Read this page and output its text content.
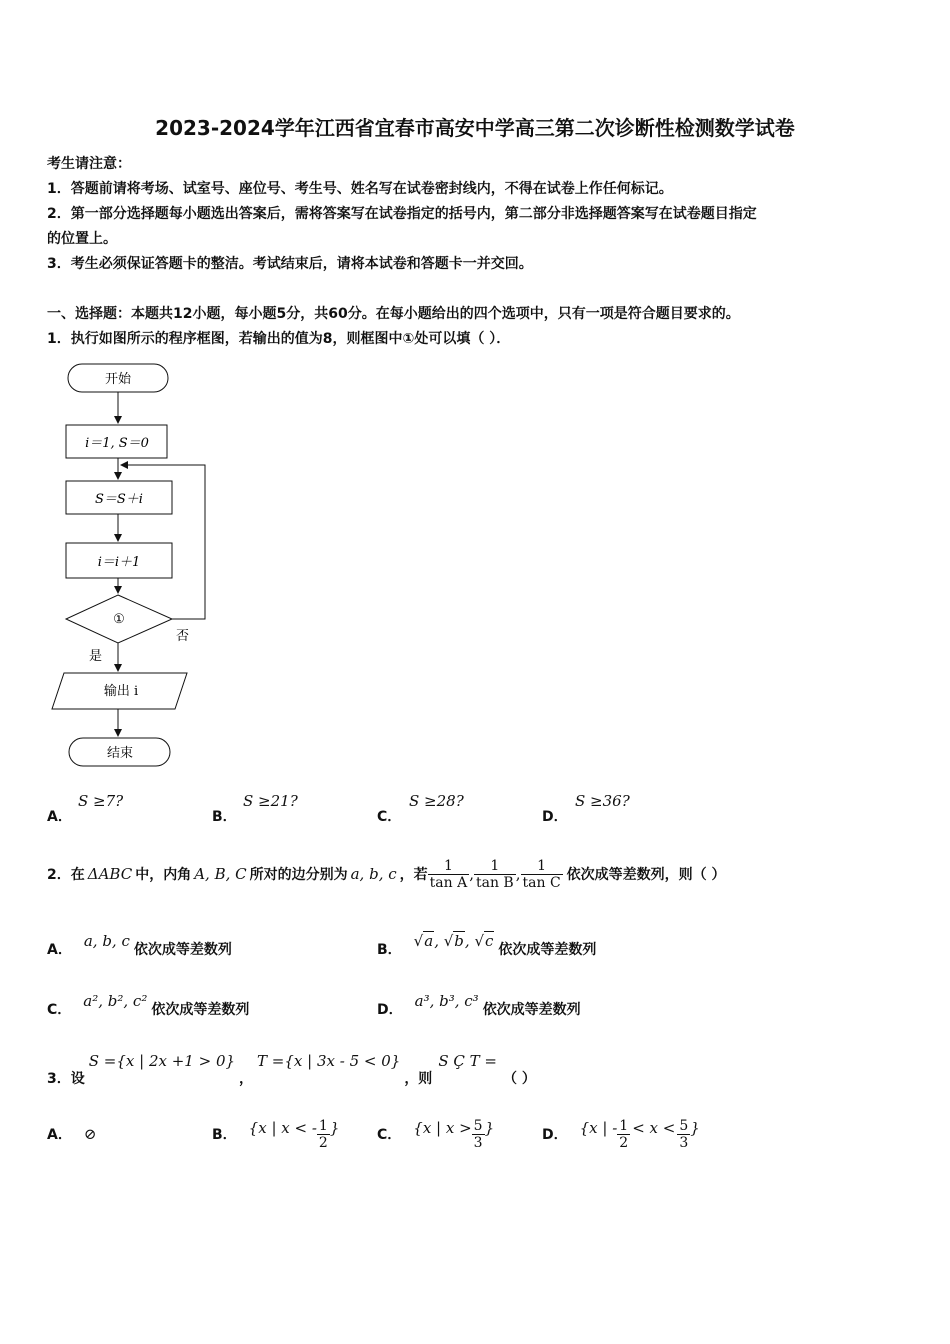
2023-2024学年江西省宜春市高安中学高三第二次诊断性检测数学试卷
考生请注意：
1．答题前请将考场、试室号、座位号、考生号、姓名写在试卷密封线内，不得在试卷上作任何标记。
2．第一部分选择题每小题选出答案后，需将答案写在试卷指定的括号内，第二部分非选择题答案写在试卷题目指定
的位置上。
3．考生必须保证答题卡的整洁。考试结束后，请将本试卷和答题卡一并交回。
一、选择题：本题共12小题，每小题5分，共60分。在每小题给出的四个选项中，只有一项是符合题目要求的。
1．执行如图所示的程序框图，若输出的值为8，则框图中①处可以填（ ）．
开始
i＝1, S＝0
S＝S＋i
i＝i＋1
①
否
是
输出 i
结束
A．
S ≥7?
B．
S ≥21?
C．
S ≥28?
D．
S ≥36?
2．在 ΔABC 中，内角 A, B, C 所对的边分别为 a, b, c ，若 $\frac{1}{\text{tan A}}$ , $\frac{1}{\text{tan B}}$ , $\frac{1}{\text{tan C}}$ 依次成等差数列，则（ ）
A． a, b, c 依次成等差数列	B． √a, √b, √c 依次成等差数列
C． a², b², c² 依次成等差数列	D． a³, b³, c³ 依次成等差数列
3．设
S ={x | 2x +1 > 0}
，
T ={x | 3x - 5 < 0}
，则
S Ç T =
（ ）
A． ⊘	B． {x | x < - $\frac{1}{2}$ }	C． {x | $x > \frac{5}{3}$ }	D． {x | - $\frac{1}{2} < x < \frac{5}{3}$ }
